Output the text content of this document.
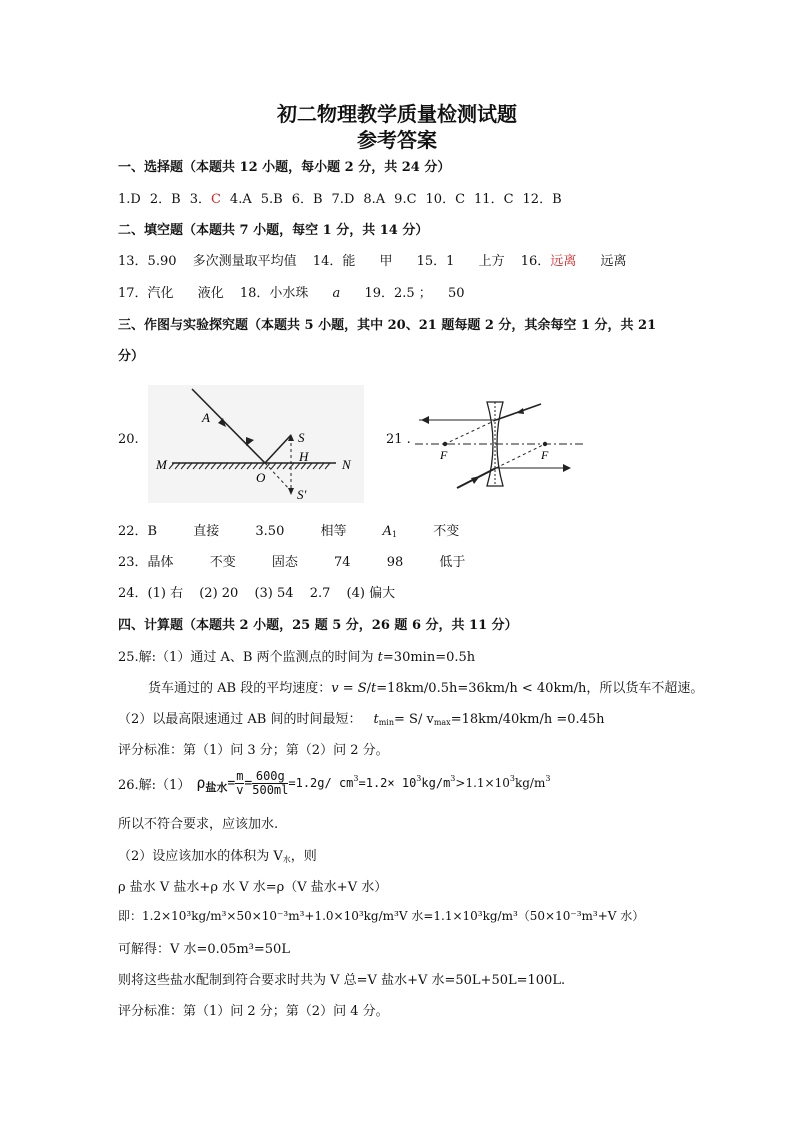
初二物理教学质量检测试题
参考答案
一、选择题（本题共 12 小题，每小题 2 分，共 24 分）
1.D 2．B 3．C 4.A 5.B 6．B 7.D 8.A 9.C 10．C 11．C 12．B
二、填空题（本题共 7 小题，每空 1 分，共 14 分）
13．5.90 多次测量取平均值 14．能 甲 15．1 上方 16．远离 远离
17．汽化 液化 18．小水珠 a 19．2.5 ； 50
三、作图与实验探究题（本题共 5 小题，其中 20、21 题每题 2 分，其余每空 1 分，共 21
分）
20.
A
S
H
M	N
O
S'
21 .
F	F
22．B	直接	3.50	相等	$A_1$	不变
23．晶体	不变	固态	74	98	低于
24．(1) 右 (2) 20 (3) 54 2.7 (4) 偏大
四、计算题（本题共 2 小题，25 题 5 分，26 题 6 分，共 11 分）
25.解:（1）通过 A、B 两个监测点的时间为 t=30min=0.5h
货车通过的 AB 段的平均速度：v = S/t=18km/0.5h=36km/h < 40km/h，所以货车不超速。
（2）以最高限速通过 AB 间的时间最短： $t_{min}= S/$ $v_{max}=18km/40km/h =0.45h$
评分标准：第（1）问 3 分；第（2）问 2 分。
26.解:（1） ρ 盐水 = $\frac{m}{v} = \frac{600g}{500ml} =1.2g/$ cm 3 =1.2× 10 3 kg/m 3 >1.1×10 3 kg/m 3
所以不符合要求，应该加水.
（2）设应该加水的体积为 $V_水$，则
ρ 盐水 V 盐水+ρ 水 V 水=ρ（V 盐水+V 水）
即：1.2×10³kg/m³×50×10⁻³m³+1.0×10³kg/m³V 水=1.1×10³kg/m³（50×10⁻³m³+V 水）
可解得：V 水=0.05m³=50L
则将这些盐水配制到符合要求时共为 V 总=V 盐水+V 水=50L+50L=100L.
评分标准：第（1）问 2 分；第（2）问 4 分。
